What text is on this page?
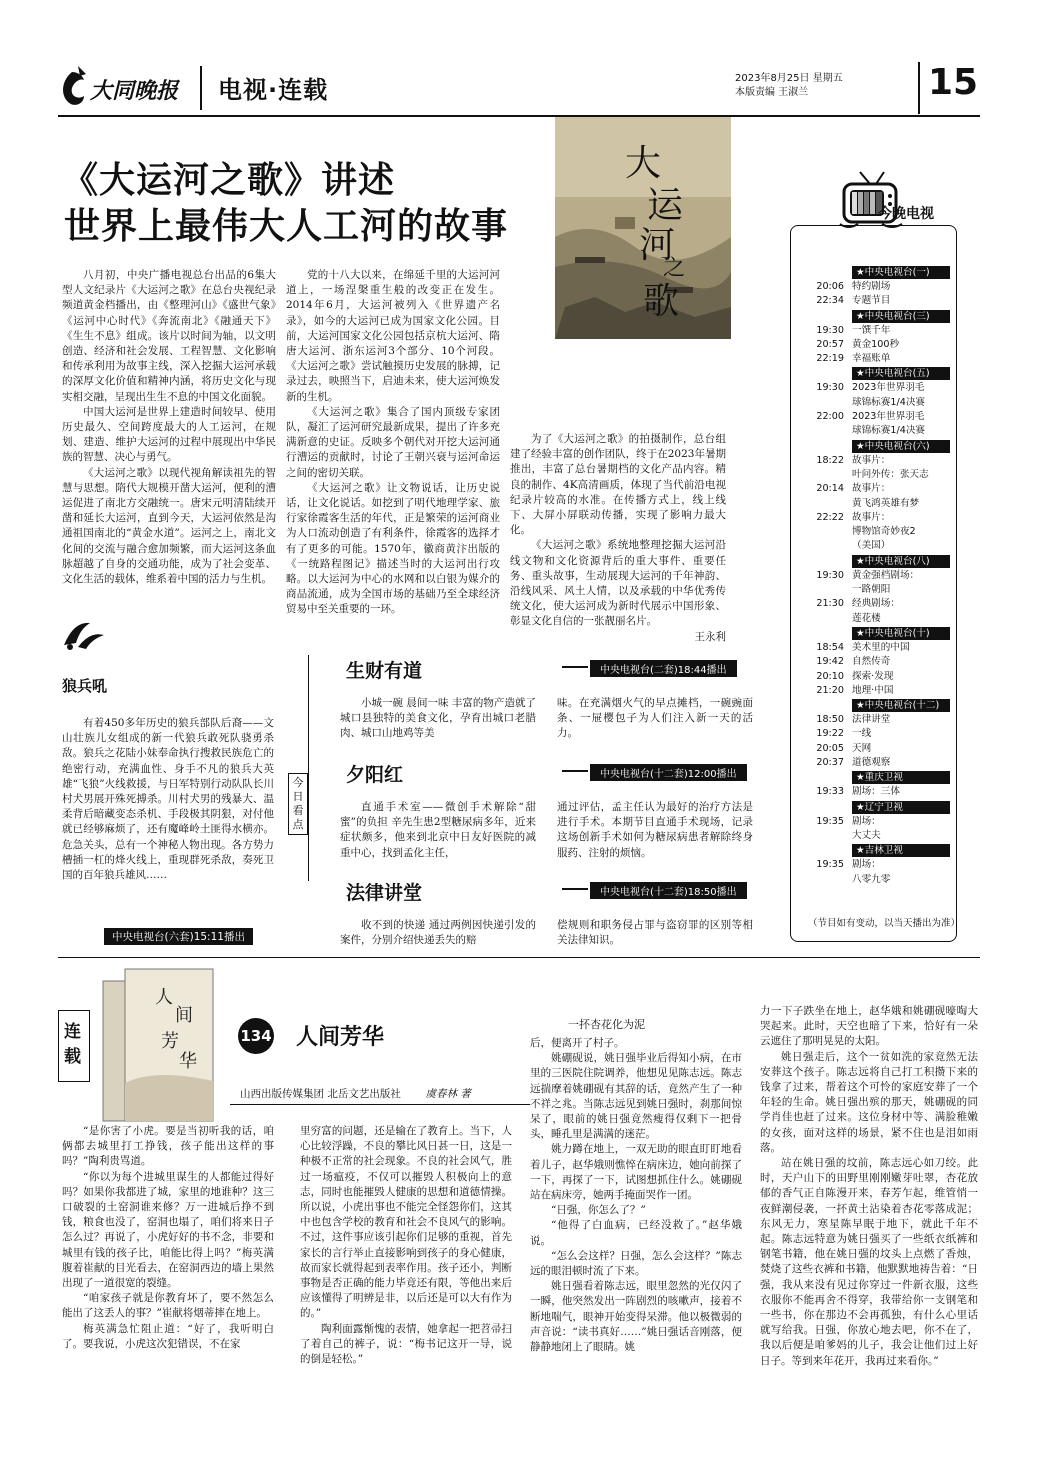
大同晚报 电视·连载	2023年8月25日 星期五
本版责编 王淑兰	15
《大运河之歌》讲述
世界上最伟大人工河的故事
大
运
河
之
歌

八月初，中央广播电视总台出品的6集大型人文纪录片《大运河之歌》在总台央视纪录频道黄金档播出，由《整理河山》《盛世气象》《运河中心时代》《奔流南北》《融通天下》《生生不息》组成。该片以时间为轴，以文明创造、经济和社会发展、工程智慧、文化影响和传承利用为故事主线，深入挖掘大运河承载的深厚文化价值和精神内涵，将历史文化与现实相交融，呈现出生生不息的中国文化面貌。

中国大运河是世界上建造时间较早、使用历史最久、空间跨度最大的人工运河，在规划、建造、维护大运河的过程中展现出中华民族的智慧、决心与勇气。

《大运河之歌》以现代视角解读祖先的智慧与思想。隋代大规模开凿大运河，便利的漕运促进了南北方交融统一。唐宋元明清陆续开凿和延长大运河，直到今天，大运河依然是沟通祖国南北的“黄金水道”。运河之上，南北文化间的交流与融合愈加频繁，而大运河这条血脉超越了自身的交通功能，成为了社会变革、文化生活的载体，维系着中国的活力与生机。

党的十八大以来，在绵延千里的大运河河道上，一场涅槃重生般的改变正在发生。2014年6月，大运河被列入《世界遗产名录》，如今的大运河已成为国家文化公园。目前，大运河国家文化公园包括京杭大运河、隋唐大运河、浙东运河3个部分、10个河段。《大运河之歌》尝试触摸历史发展的脉搏，记录过去，映照当下，启迪未来，使大运河焕发新的生机。

《大运河之歌》集合了国内顶级专家团队，凝汇了运河研究最新成果，提出了许多充满新意的史证。反映多个朝代对开挖大运河通行漕运的贡献时，讨论了王朝兴衰与运河命运之间的密切关联。

《大运河之歌》让文物说话，让历史说话，让文化说话。如挖到了明代地理学家、旅行家徐霞客生活的年代，正是繁荣的运河商业为人口流动创造了有利条件，徐霞客的选择才有了更多的可能。1570年，徽商黄汴出版的《一统路程图记》描述当时的大运河出行攻略。以大运河为中心的水网和以白银为媒介的商品流通，成为全国市场的基础乃至全球经济贸易中至关重要的一环。

为了《大运河之歌》的拍摄制作，总台组建了经验丰富的创作团队，终于在2023年暑期推出，丰富了总台暑期档的文化产品内容。精良的制作、4K高清画质，体现了当代前沿电视纪录片较高的水准。在传播方式上，线上线下、大屏小屏联动传播，实现了影响力最大化。

《大运河之歌》系统地整理挖掘大运河沿线文物和文化资源背后的重大事件、重要任务、重头故事，生动展现大运河的千年神韵、沿线风采、风土人情，以及承载的中华优秀传统文化，使大运河成为新时代展示中国形象、彰显文化自信的一张靓丽名片。

王永利

今晚电视
★中央电视台(一)
20:06 特约剧场
22:34 专题节目
★中央电视台(三)
19:30 一馔千年
20:57 黄金100秒
22:19 幸福账单
★中央电视台(五)
19:30 2023年世界羽毛
球锦标赛1/4决赛
22:00 2023年世界羽毛
球锦标赛1/4决赛
★中央电视台(六)
18:22 故事片：
叶问外传：张天志
20:14 故事片：
黄飞鸿英雄有梦
22:22 故事片：
博物馆奇妙夜2
（美国）
★中央电视台(八)
19:30 黄金强档剧场：
一路朝阳
21:30 经典剧场：
莲花楼
★中央电视台(十)
18:54 美术里的中国
19:42 自然传奇
20:10 探索·发现
21:20 地理·中国
★中央电视台(十二)
18:50 法律讲堂
19:22 一线
20:05 天网
20:37 道德观察
★重庆卫视
19:33 剧场：三体
★辽宁卫视
19:35 剧场：
大丈夫
★吉林卫视
19:35 剧场：
八零九零
（节目如有变动，以当天播出为准）
今
日
看
点
生财有道	中央电视台(二套)18:44播出

小城一碗 晨间一味 丰富的物产造就了城口县独特的美食文化，孕育出城口老腊肉、城口山地鸡等美

味。在充满烟火气的早点摊档，一碗豌面条、一屉樱包子为人们注入新一天的活力。

夕阳红	中央电视台(十二套)12:00播出

直通手术室——微创手术解除“甜蜜”的负担 辛先生患2型糖尿病多年，近来症状颇多，他来到北京中日友好医院的减重中心，找到孟化主任，

通过评估，孟主任认为最好的治疗方法是进行手术。本期节目直通手术现场，记录这场创新手术如何为糖尿病患者解除终身服药、注射的烦恼。

法律讲堂	中央电视台(十二套)18:50播出

收不到的快递 通过两例因快递引发的案件，分别介绍快递丢失的赔

偿规则和职务侵占罪与盗窃罪的区别等相关法律知识。

狼兵吼

有着450多年历史的狼兵部队后裔——文山壮族儿女组成的新一代狼兵敢死队骁勇杀敌。狼兵之花陆小妹奉命执行搜救民族危亡的绝密行动，充满血性、身手不凡的狼兵大英雄“飞狼”火线救援，与日军特别行动队队长川村犬男展开殊死搏杀。川村犬男的残暴大、温柔背后暗藏变态杀机、手段极其阴狠，对付他就已经够麻烦了，还有魔峰岭土匪得水横亦。危急关头，总有一个神秘人物出现。各方势力槽插一杠的烽火线上，重现群死杀敌，奏死卫国的百年狼兵雄风……

中央电视台(六套)15:11播出
连
载
人
间
芳
华
134 人间芳华
山西出版传媒集团 北岳文艺出版社 虞春林 著
一抔杏花化为泥

“是你害了小虎。要是当初听我的话，咱俩都去城里打工挣钱，孩子能出这样的事吗？”陶利贵骂道。

“你以为每个进城里谋生的人都能过得好吗？如果你我都进了城，家里的地谁种？这三口破裂的土窑洞谁来修？万一进城后挣不到钱，粮食也没了，窑洞也塌了，咱们将来日子怎么过？再说了，小虎好好的书不念，非要和城里有钱的孩子比，咱能比得上吗？”梅英满腹着崔献的目光看去，在窑洞西边的墙上果然出现了一道很宽的裂缝。

“咱家孩子就是你教育坏了，要不然怎么能出了这丢人的事？”崔献将烟蒂摔在地上。

梅英满急忙阻止道：“好了，我听明白了。要我说，小虎这次犯错误，不在家

里穷富的问题，还是输在了教育上。当下，人心比较浮躁，不良的攀比风日甚一日，这是一种极不正常的社会现象。不良的社会风气，胜过一场瘟疫，不仅可以摧毁人积极向上的意志，同时也能摧毁人健康的思想和道德情操。所以说，小虎出事也不能完全怪怨你们，这其中也包含学校的教育和社会不良风气的影响。不过，这件事应该引起你们足够的重视，首先家长的言行举止直接影响到孩子的身心健康，故而家长就得起到表率作用。孩子还小，判断事物是否正确的能力毕竟还有限，等他出来后应该懂得了明辨是非，以后还是可以大有作为的。”

陶利面露惭愧的表情，她拿起一把苕帚扫了着自己的裤子，说：“梅书记这开一导，说的倒是轻松。”

后，便离开了村子。

姚硼砚说，姚日强毕业后得知小病，在市里的三医院住院调养，他想见见陈志远。陈志远揣摩着姚硼砚有其辞的话，竟然产生了一种不祥之兆。当陈志远见到姚日强时，刹那间惊呆了，眼前的姚日强竟然瘦得仅剩下一把骨头，睡孔里是满满的迷茫。

姚力蹲在地上，一双无助的眼直盯盯地看着儿子，赵华娥则憔悴在病床边，她向前探了一下，再探了一下，试图想抓住什么。姚硼砚站在病床旁，她两手掩面哭作一团。

“日强，你怎么了？”

“他得了白血病，已经没救了。”赵华娥说。

“怎么会这样？日强，怎么会这样？”陈志远的眼泪顿时流了下来。

姚日强看着陈志远，眼里忽然的光仅闪了一瞬，他突然发出一阵剧烈的咳嗽声，接着不断地喘气，眼神开始变得呆滞。他以极微弱的声音说：“读书真好……”姚日强话音刚落，便静静地闭上了眼睛。姚

力一下子跌坐在地上，赵华娥和姚硼砚嚎啕大哭起来。此时，天空也暗了下来，恰好有一朵云遮住了那明晃晃的太阳。

姚日强走后，这个一贫如洗的家竟然无法安葬这个孩子。陈志远将自己打工积攒下来的钱拿了过来，帮着这个可怜的家庭安葬了一个年轻的生命。姚日强出殡的那天，姚硼砚的同学肖佳也赶了过来。这位身材中等、满脸稚嫩的女孩，面对这样的场景，紧不住也是泪如雨落。

站在姚日强的坟前，陈志远心如刀绞。此时，天户山下的田野里刚刚嫩芽吐翠，杏花放郁的香气正自陈漫开来，春芳乍起，维管悄一夜鲜潮侵袭，一抔黄土沾染着杏花零落成泥；东风无力，寒星陈早眠于地下，就此千年不起。陈志远特意为姚日强买了一些纸衣纸裤和钢笔书籍，他在姚日强的坟头上点燃了香烛，焚烧了这些衣裤和书籍，他默默地祷告着：“日强，我从来没有见过你穿过一件新衣服，这些衣服你不能再舍不得穿，我带给你一支钢笔和一些书，你在那边不会再孤独，有什么心里话就写给我。日强，你放心地去吧，你不在了，我以后便是咱爹妈的儿子，我会让他们过上好日子。等到来年花开，我再过来看你。”
